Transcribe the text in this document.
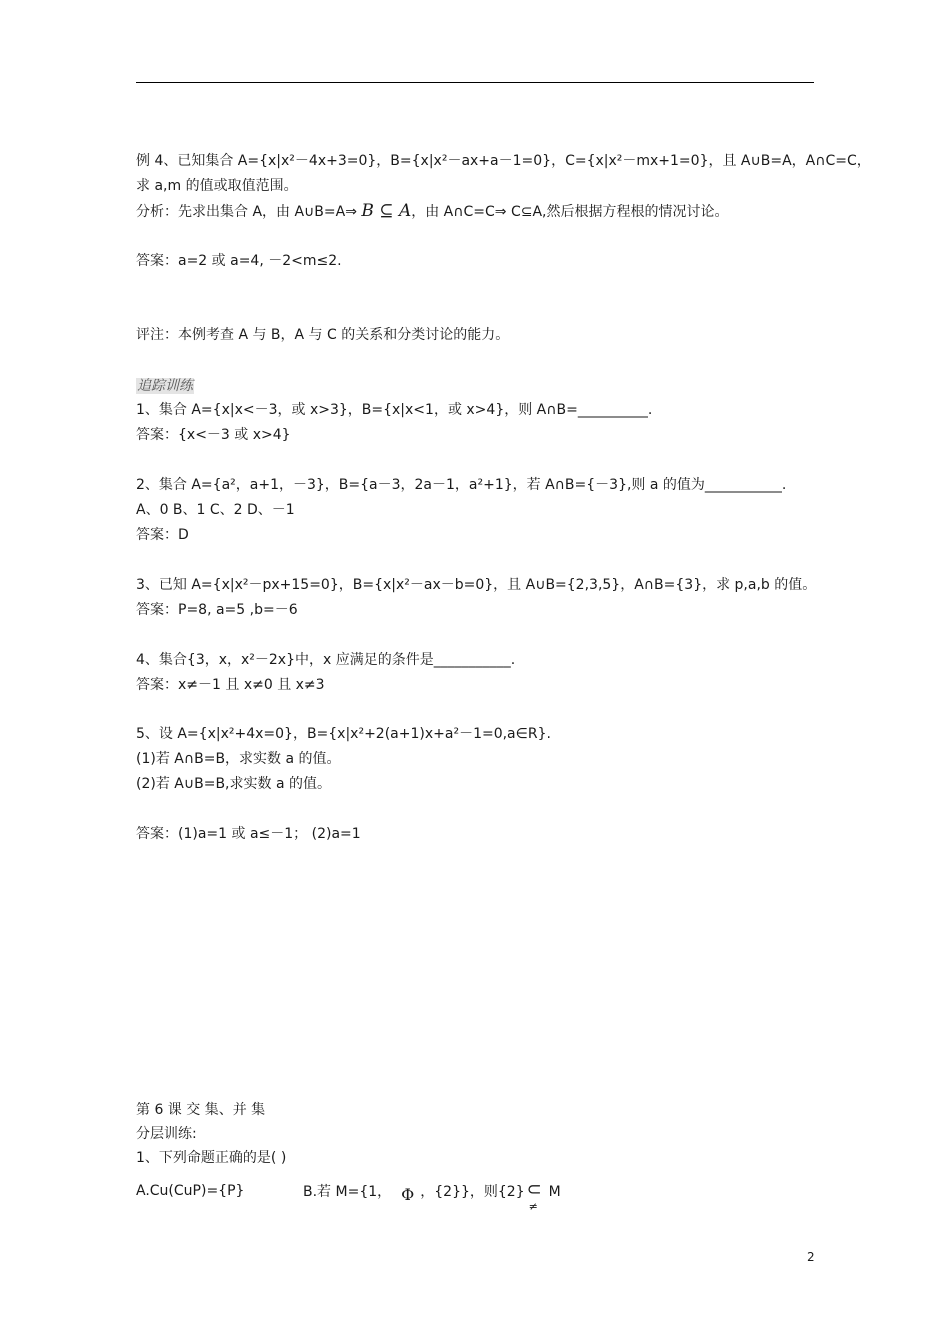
例 4、已知集合 A={x|x²－4x+3=0}，B={x|x²－ax+a－1=0}，C={x|x²－mx+1=0}，且 A∪B=A，A∩C=C，
求 a,m 的值或取值范围。
分析：先求出集合 A，由 A∪B=A⇒ B ⊆ A，由 A∩C=C⇒ C⊆A,然后根据方程根的情况讨论。
答案：a=2 或 a=4, －2<m≤2.
评注：本例考查 A 与 B，A 与 C 的关系和分类讨论的能力。
追踪训练
1、集合 A={x|x<－3，或 x>3}，B={x|x<1，或 x>4}，则 A∩B=__________.
答案：{x<－3 或 x>4}
2、集合 A={a²，a+1，－3}，B={a－3，2a－1，a²+1}，若 A∩B={－3},则 a 的值为___________.
A、0 B、1 C、2 D、－1
答案：D
3、已知 A={x|x²－px+15=0}，B={x|x²－ax－b=0}，且 A∪B={2,3,5}，A∩B={3}，求 p,a,b 的值。
答案：P=8, a=5 ,b=－6
4、集合{3，x，x²－2x}中，x 应满足的条件是___________.
答案：x≠－1 且 x≠0 且 x≠3
5、设 A={x|x²+4x=0}，B={x|x²+2(a+1)x+a²－1=0,a∈R}.
(1)若 A∩B=B，求实数 a 的值。
(2)若 A∪B=B,求实数 a 的值。
答案：(1)a=1 或 a≤－1； (2)a=1
第 6 课 交 集、并 集
分层训练:
1、下列命题正确的是( )
A.Cu(CuP)={P}	B.若 M={1， Φ ，{2}}，则{2} ⊂
≠
M
2
